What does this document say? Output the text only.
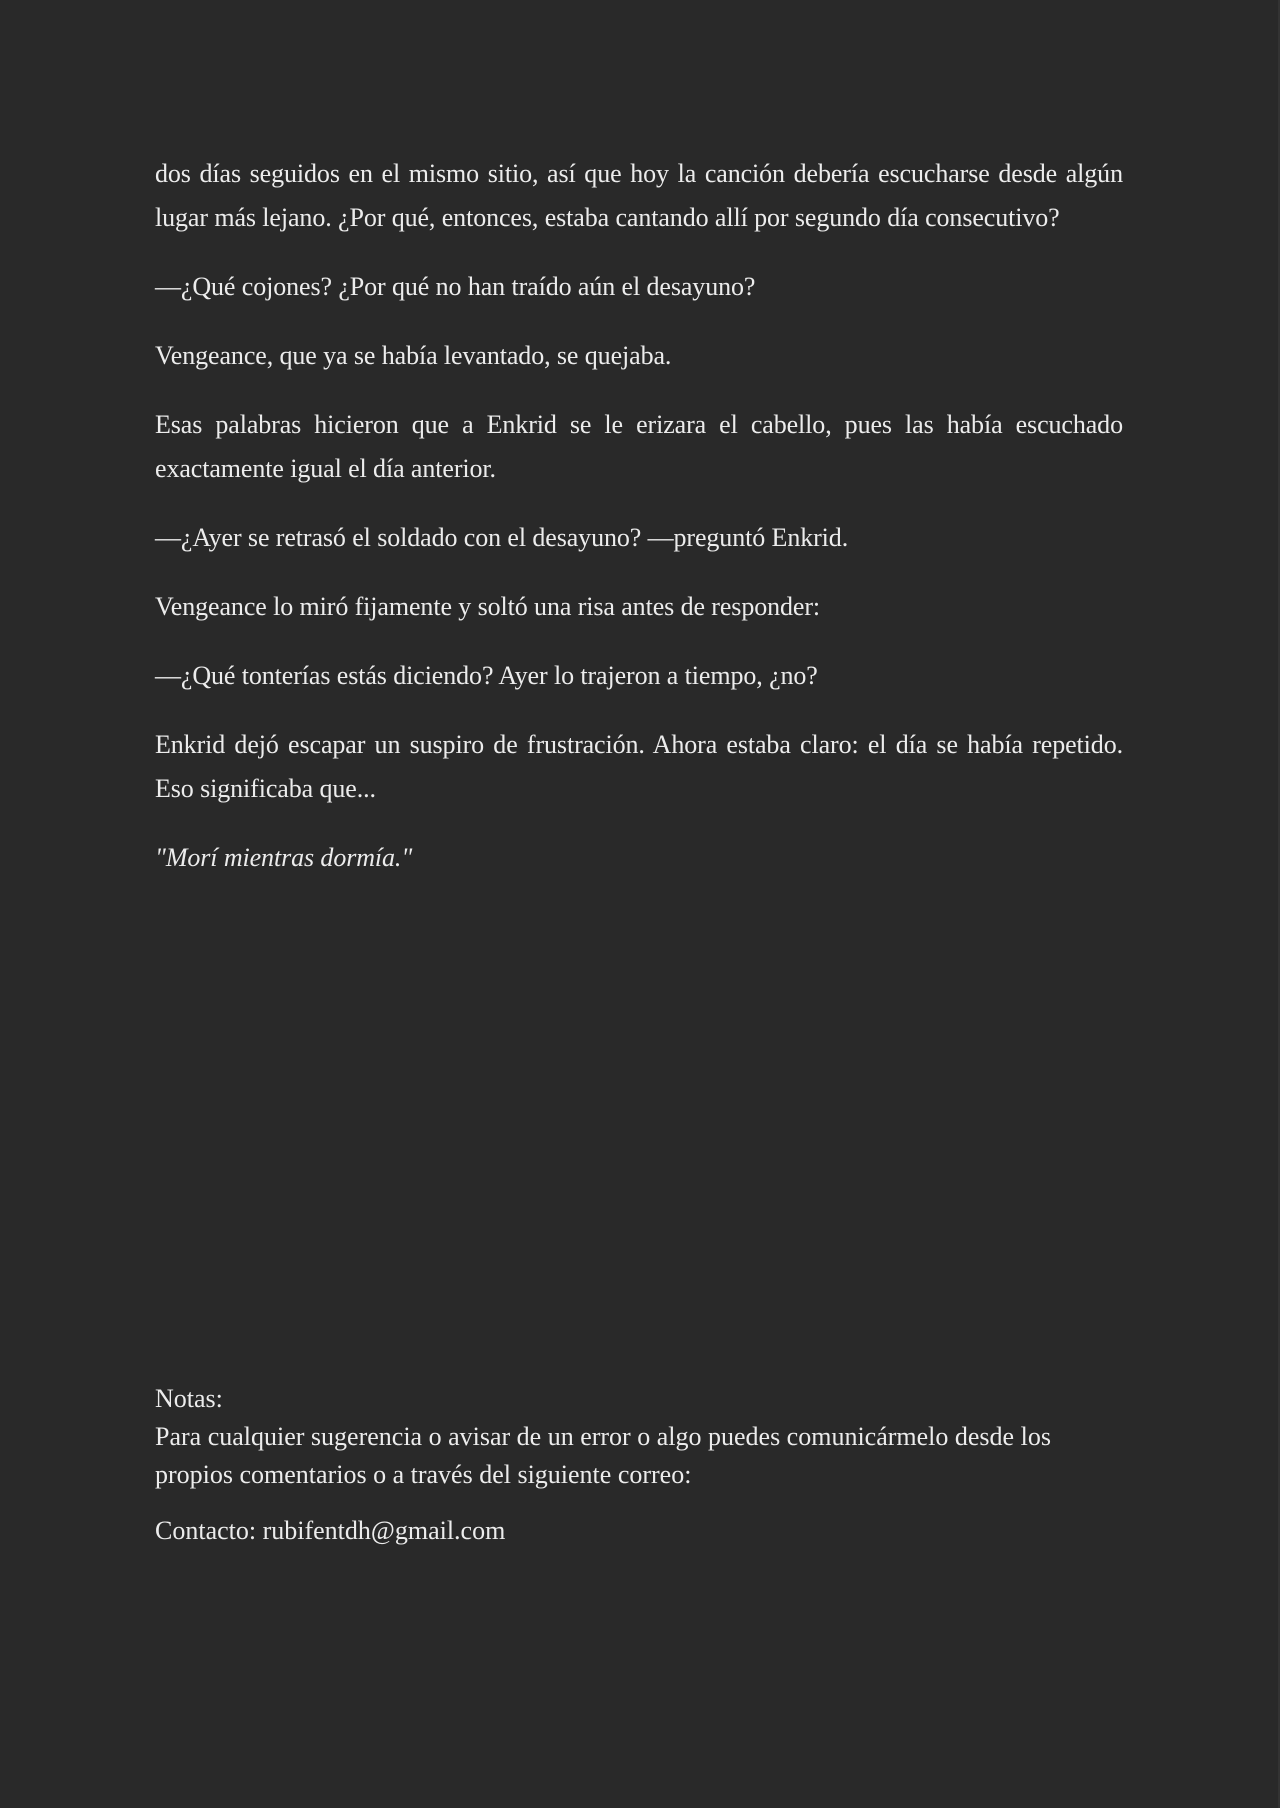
dos días seguidos en el mismo sitio, así que hoy la canción debería escucharse desde algún lugar más lejano. ¿Por qué, entonces, estaba cantando allí por segundo día consecutivo?

—¿Qué cojones? ¿Por qué no han traído aún el desayuno?

Vengeance, que ya se había levantado, se quejaba.

Esas palabras hicieron que a Enkrid se le erizara el cabello, pues las había escuchado exactamente igual el día anterior.

—¿Ayer se retrasó el soldado con el desayuno? —preguntó Enkrid.

Vengeance lo miró fijamente y soltó una risa antes de responder:

—¿Qué tonterías estás diciendo? Ayer lo trajeron a tiempo, ¿no?

Enkrid dejó escapar un suspiro de frustración. Ahora estaba claro: el día se había repetido. Eso significaba que...

"Morí mientras dormía."

Notas:
Para cualquier sugerencia o avisar de un error o algo puedes comunicármelo desde los propios comentarios o a través del siguiente correo:
Contacto: rubifentdh@gmail.com
